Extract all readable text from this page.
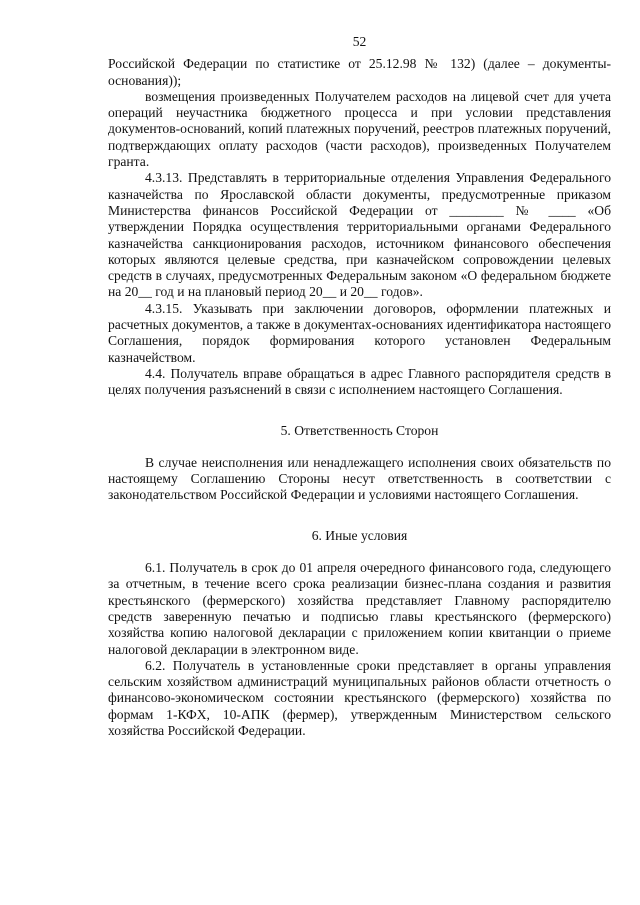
52

Российской Федерации по статистике от 25.12.98 № 132) (далее – документы-основания));

возмещения произведенных Получателем расходов на лицевой счет для учета операций неучастника бюджетного процесса и при условии представления документов-оснований, копий платежных поручений, реестров платежных поручений, подтверждающих оплату расходов (части расходов), произведенных Получателем гранта.

4.3.13. Представлять в территориальные отделения Управления Федерального казначейства по Ярославской области документы, предусмотренные приказом Министерства финансов Российской Федерации от ________ № ____ «Об утверждении Порядка осуществления территориальными органами Федерального казначейства санкционирования расходов, источником финансового обеспечения которых являются целевые средства, при казначейском сопровождении целевых средств в случаях, предусмотренных Федеральным законом «О федеральном бюджете на 20__ год и на плановый период 20__ и 20__ годов».

4.3.15. Указывать при заключении договоров, оформлении платежных и расчетных документов, а также в документах-основаниях идентификатора настоящего Соглашения, порядок формирования которого установлен Федеральным казначейством.

4.4. Получатель вправе обращаться в адрес Главного распорядителя средств в целях получения разъяснений в связи с исполнением настоящего Соглашения.

5. Ответственность Сторон

В случае неисполнения или ненадлежащего исполнения своих обязательств по настоящему Соглашению Стороны несут ответственность в соответствии с законодательством Российской Федерации и условиями настоящего Соглашения.

6. Иные условия

6.1. Получатель в срок до 01 апреля очередного финансового года, следующего за отчетным, в течение всего срока реализации бизнес-плана создания и развития крестьянского (фермерского) хозяйства представляет Главному распорядителю средств заверенную печатью и подписью главы крестьянского (фермерского) хозяйства копию налоговой декларации с приложением копии квитанции о приеме налоговой декларации в электронном виде.

6.2. Получатель в установленные сроки представляет в органы управления сельским хозяйством администраций муниципальных районов области отчетность о финансово-экономическом состоянии крестьянского (фермерского) хозяйства по формам 1-КФХ, 10-АПК (фермер), утвержденным Министерством сельского хозяйства Российской Федерации.
